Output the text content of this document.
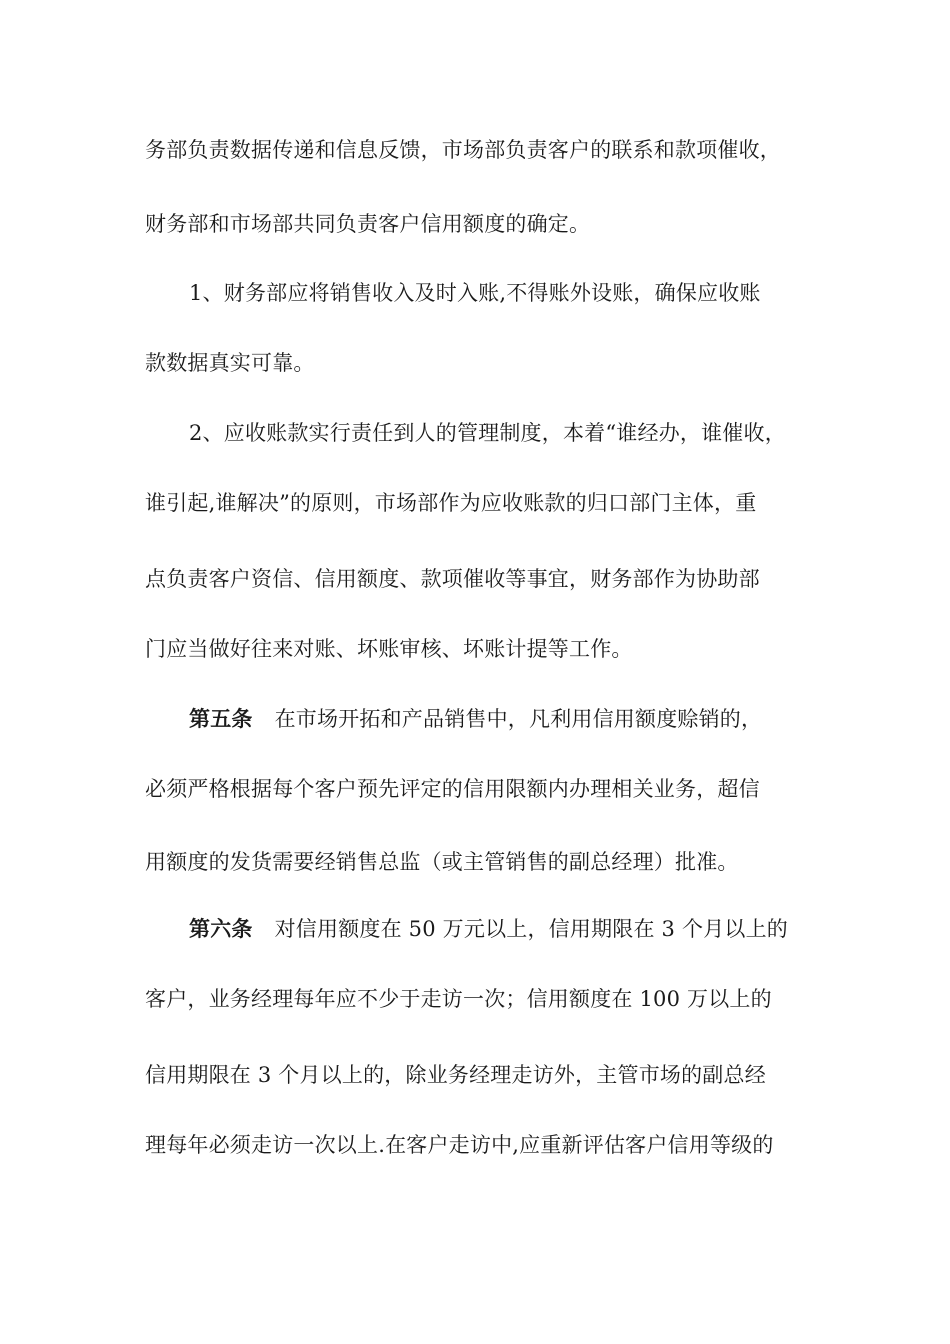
务部负责数据传递和信息反馈，市场部负责客户的联系和款项催收，
财务部和市场部共同负责客户信用额度的确定。
1、财务部应将销售收入及时入账,不得账外设账，确保应收账
款数据真实可靠。
2、应收账款实行责任到人的管理制度，本着“谁经办，谁催收，
谁引起,谁解决”的原则，市场部作为应收账款的归口部门主体，重
点负责客户资信、信用额度、款项催收等事宜，财务部作为协助部
门应当做好往来对账、坏账审核、坏账计提等工作。
第五条 在市场开拓和产品销售中，凡利用信用额度赊销的，
必须严格根据每个客户预先评定的信用限额内办理相关业务，超信
用额度的发货需要经销售总监（或主管销售的副总经理）批准。
第六条 对信用额度在 50 万元以上，信用期限在 3 个月以上的
客户，业务经理每年应不少于走访一次；信用额度在 100 万以上的
信用期限在 3 个月以上的，除业务经理走访外，主管市场的副总经
理每年必须走访一次以上.在客户走访中,应重新评估客户信用等级的
